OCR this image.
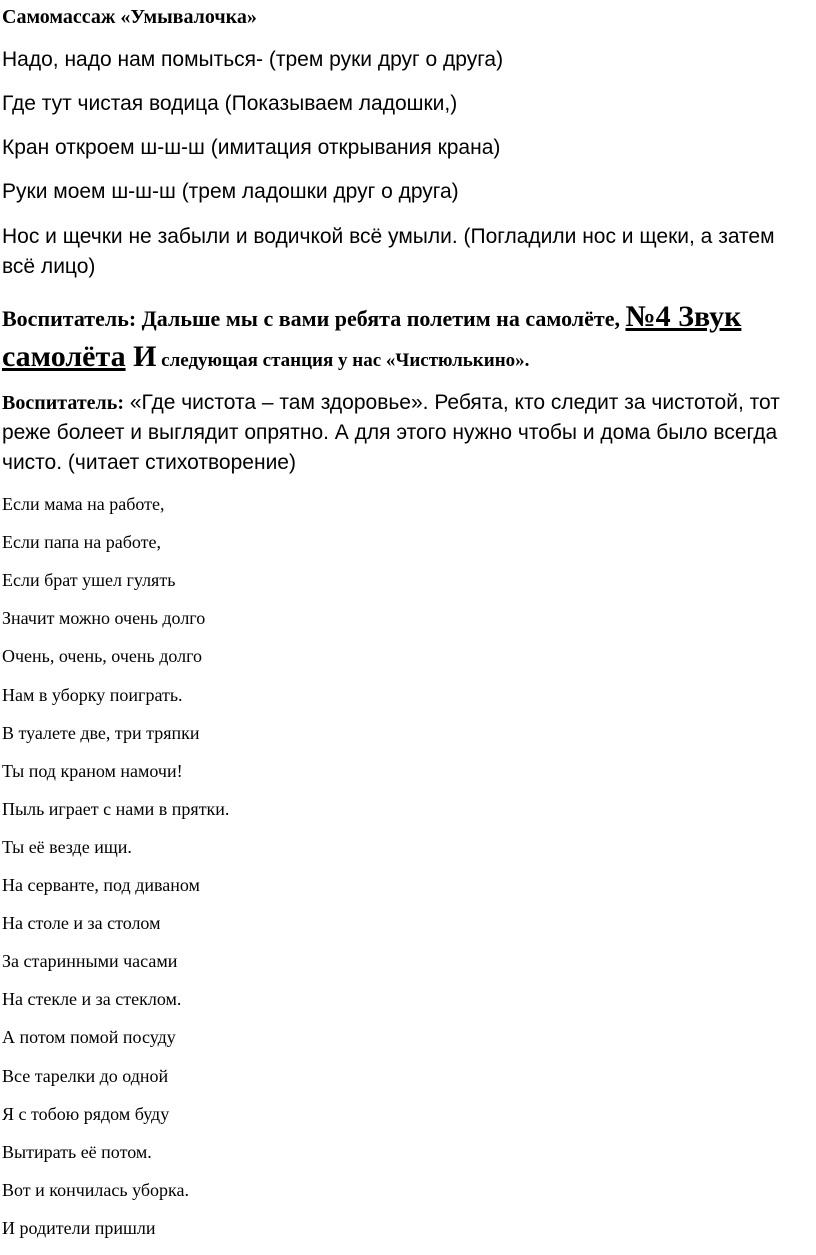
Самомассаж «Умывалочка»

Надо, надо нам помыться- (трем руки друг о друга)

Где тут чистая водица (Показываем ладошки,)

Кран откроем ш-ш-ш (имитация открывания крана)

Руки моем ш-ш-ш (трем ладошки друг о друга)

Нос и щечки не забыли и водичкой всё умыли. (Погладили нос и щеки, а затем всё лицо)

Воспитатель: Дальше мы с вами ребята полетим на самолёте, №4 Звук самолёта И следующая станция у нас «Чистюлькино».

Воспитатель: «Где чистота – там здоровье». Ребята, кто следит за чистотой, тот реже болеет и выглядит опрятно. А для этого нужно чтобы и дома было всегда чисто. (читает стихотворение)

Если мама на работе,

Если папа на работе,

Если брат ушел гулять

Значит можно очень долго

Очень, очень, очень долго

Нам в уборку поиграть.

В туалете две, три тряпки

Ты под краном намочи!

Пыль играет с нами в прятки.

Ты её везде ищи.

На серванте, под диваном

На столе и за столом

За старинными часами

На стекле и за стеклом.

А потом помой посуду

Все тарелки до одной

Я с тобою рядом буду

Вытирать её потом.

Вот и кончилась уборка.

И родители пришли
